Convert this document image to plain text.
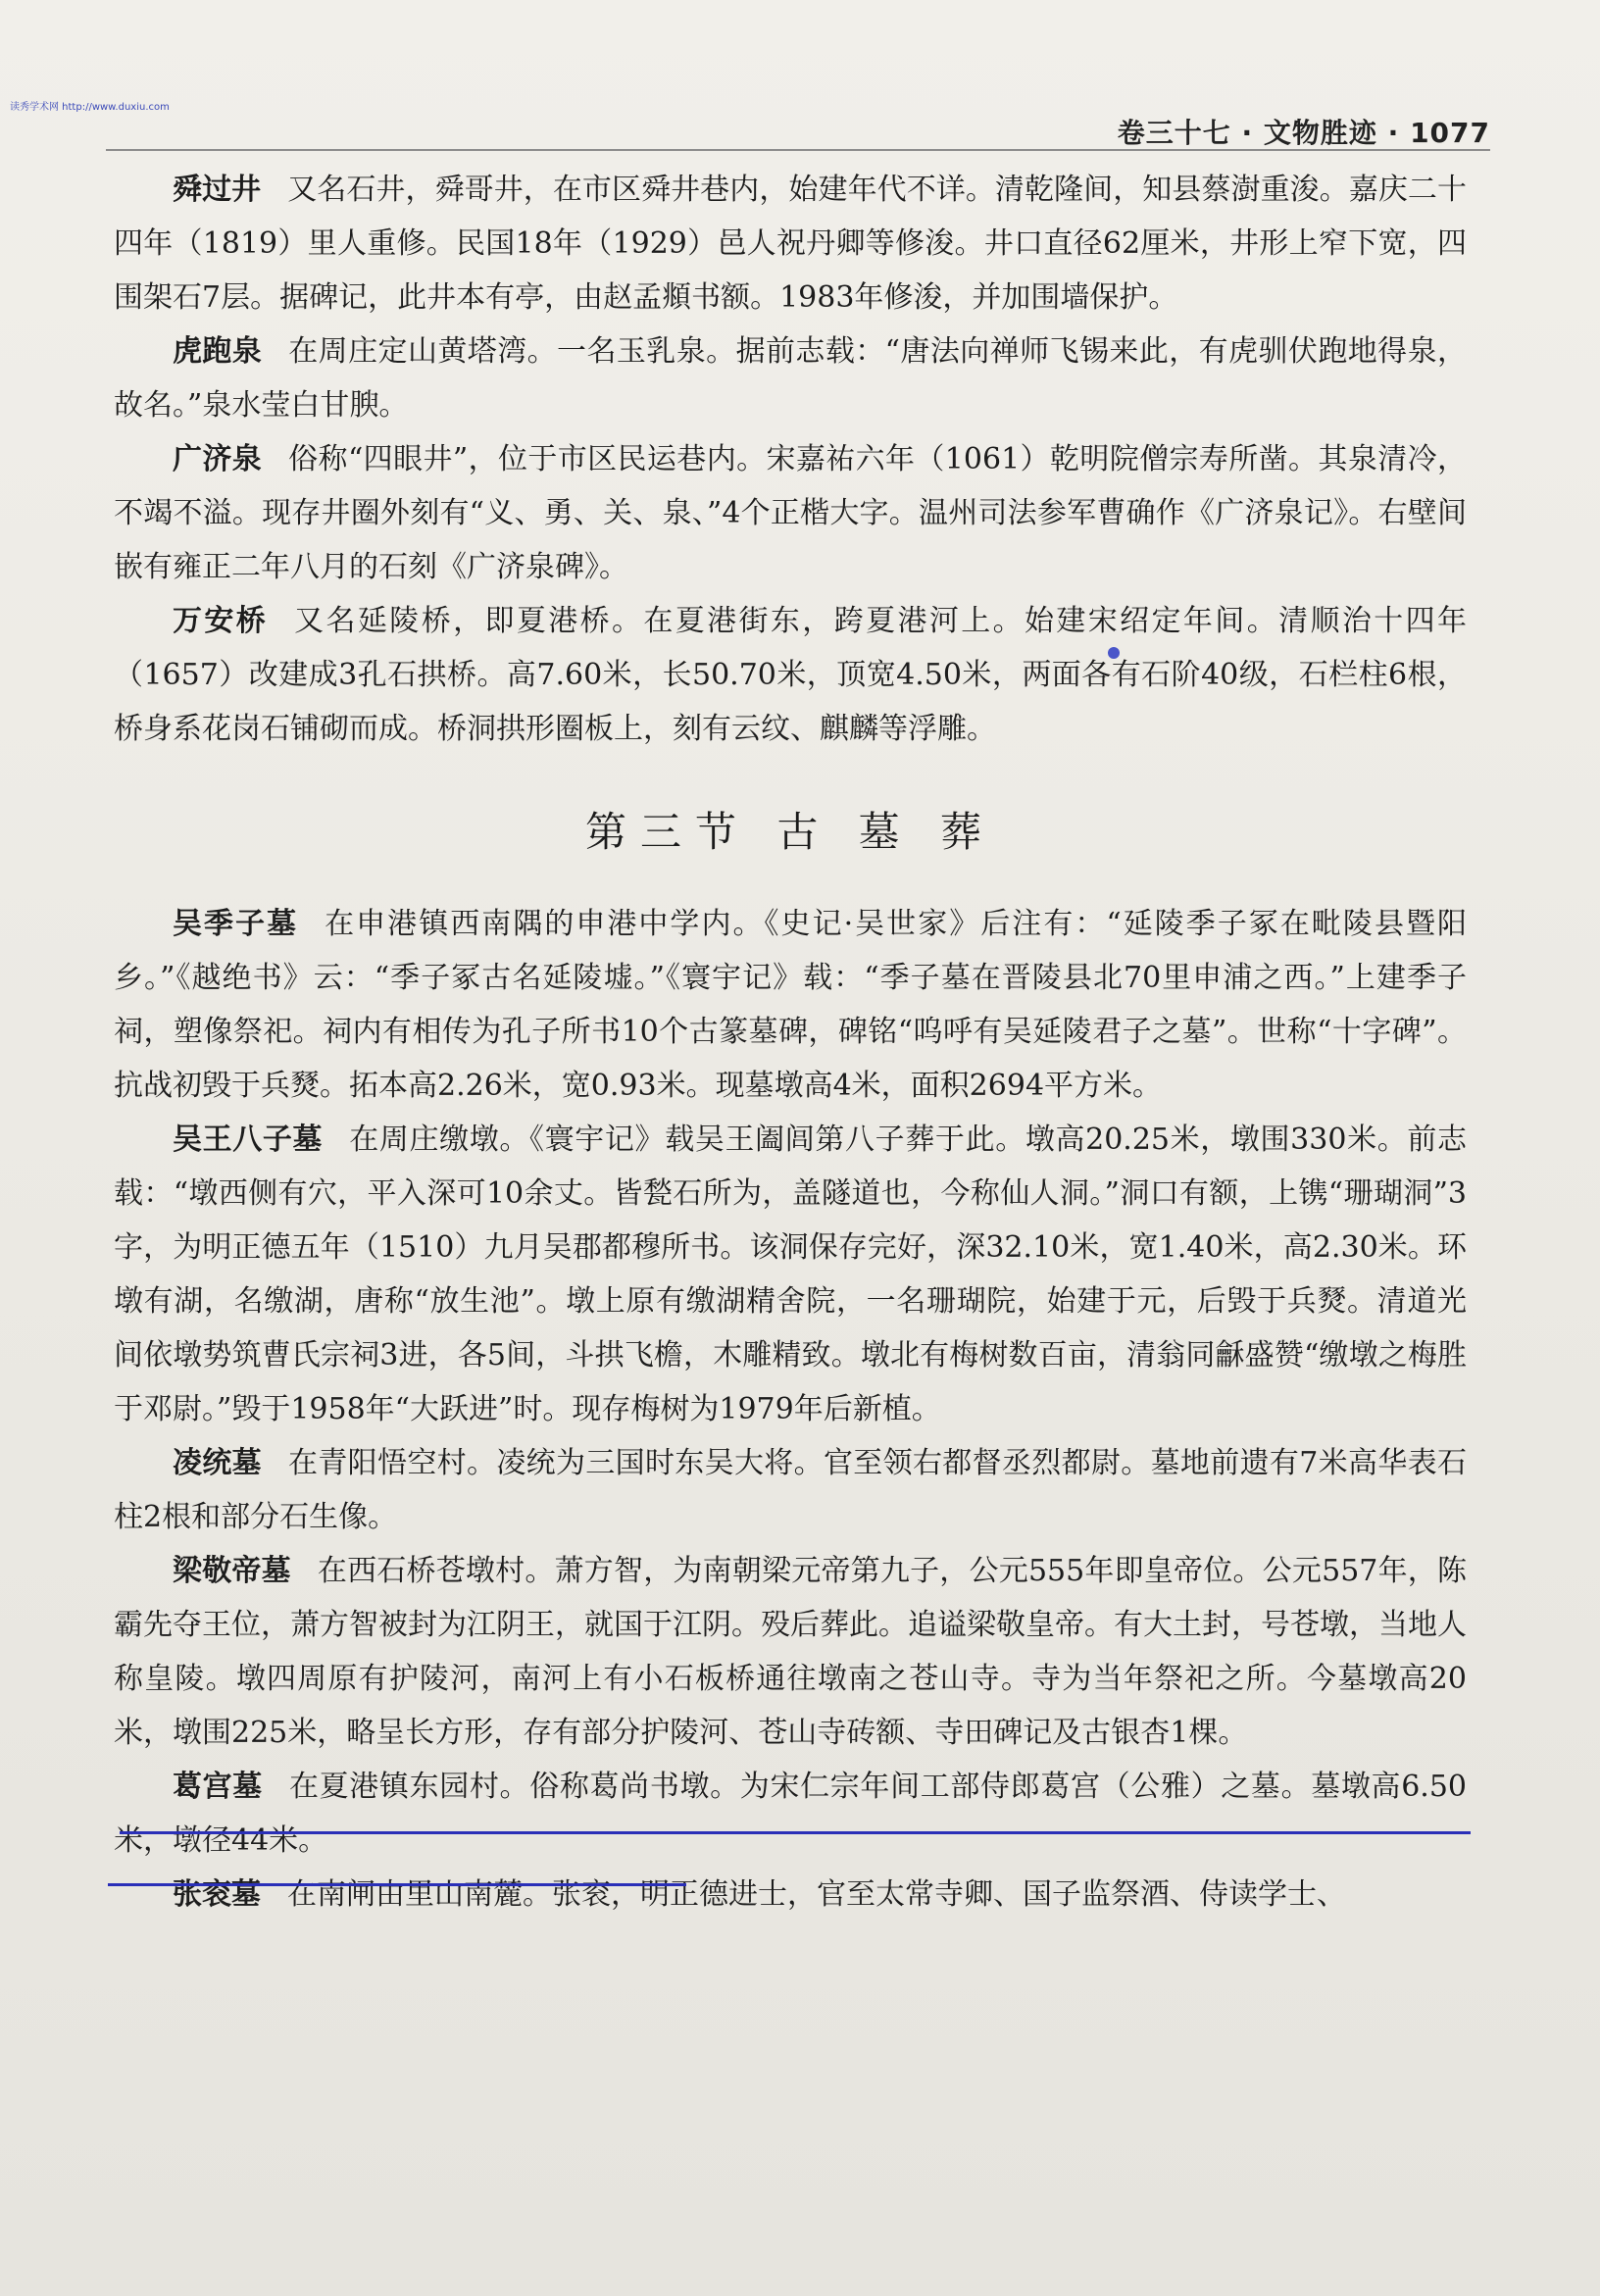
读秀学术网 http://www.duxiu.com
卷三十七 · 文物胜迹 · 1077

舜过井 又名石井，舜哥井，在市区舜井巷内，始建年代不详。清乾隆间，知县蔡澍重浚。嘉庆二十四年（1819）里人重修。民国18年（1929）邑人祝丹卿等修浚。井口直径62厘米，井形上窄下宽，四围架石7层。据碑记，此井本有亭，由赵孟頫书额。1983年修浚，并加围墙保护。

虎跑泉 在周庄定山黄塔湾。一名玉乳泉。据前志载：“唐法向禅师飞锡来此，有虎驯伏跑地得泉，故名。”泉水莹白甘腴。

广济泉 俗称“四眼井”，位于市区民运巷内。宋嘉祐六年（1061）乾明院僧宗寿所凿。其泉清冷，不竭不溢。现存井圈外刻有“义、勇、关、泉、”4个正楷大字。温州司法参军曹确作《广济泉记》。右壁间嵌有雍正二年八月的石刻《广济泉碑》。

万安桥 又名延陵桥，即夏港桥。在夏港街东，跨夏港河上。始建宋绍定年间。清顺治十四年（1657）改建成3孔石拱桥。高7.60米，长50.70米，顶宽4.50米，两面各有石阶40级，石栏柱6根，桥身系花岗石铺砌而成。桥洞拱形圈板上，刻有云纹、麒麟等浮雕。

第三节 古 墓 葬

吴季子墓 在申港镇西南隅的申港中学内。《史记·吴世家》后注有：“延陵季子冢在毗陵县暨阳乡。”《越绝书》云：“季子冢古名延陵墟。”《寰宇记》载：“季子墓在晋陵县北70里申浦之西。”上建季子祠，塑像祭祀。祠内有相传为孔子所书10个古篆墓碑，碑铭“呜呼有吴延陵君子之墓”。世称“十字碑”。抗战初毁于兵燹。拓本高2.26米，宽0.93米。现墓墩高4米，面积2694平方米。

吴王八子墓 在周庄缴墩。《寰宇记》载吴王阖闾第八子葬于此。墩高20.25米，墩围330米。前志载：“墩西侧有穴，平入深可10余丈。皆甃石所为，盖隧道也，今称仙人洞。”洞口有额，上镌“珊瑚洞”3字，为明正德五年（1510）九月吴郡都穆所书。该洞保存完好，深32.10米，宽1.40米，高2.30米。环墩有湖，名缴湖，唐称“放生池”。墩上原有缴湖精舍院，一名珊瑚院，始建于元，后毁于兵燹。清道光间依墩势筑曹氏宗祠3进，各5间，斗拱飞檐，木雕精致。墩北有梅树数百亩，清翁同龢盛赞“缴墩之梅胜于邓尉。”毁于1958年“大跃进”时。现存梅树为1979年后新植。

凌统墓 在青阳悟空村。凌统为三国时东吴大将。官至领右都督丞烈都尉。墓地前遗有7米高华表石柱2根和部分石生像。

梁敬帝墓 在西石桥苍墩村。萧方智，为南朝梁元帝第九子，公元555年即皇帝位。公元557年，陈霸先夺王位，萧方智被封为江阴王，就国于江阴。殁后葬此。追谥梁敬皇帝。有大土封，号苍墩，当地人称皇陵。墩四周原有护陵河，南河上有小石板桥通往墩南之苍山寺。寺为当年祭祀之所。今墓墩高20米，墩围225米，略呈长方形，存有部分护陵河、苍山寺砖额、寺田碑记及古银杏1棵。

葛宫墓 在夏港镇东园村。俗称葛尚书墩。为宋仁宗年间工部侍郎葛宫（公雅）之墓。墓墩高6.50米，墩径44米。

张衮墓 在南闸由里山南麓。张衮，明正德进士，官至太常寺卿、国子监祭酒、侍读学士、
